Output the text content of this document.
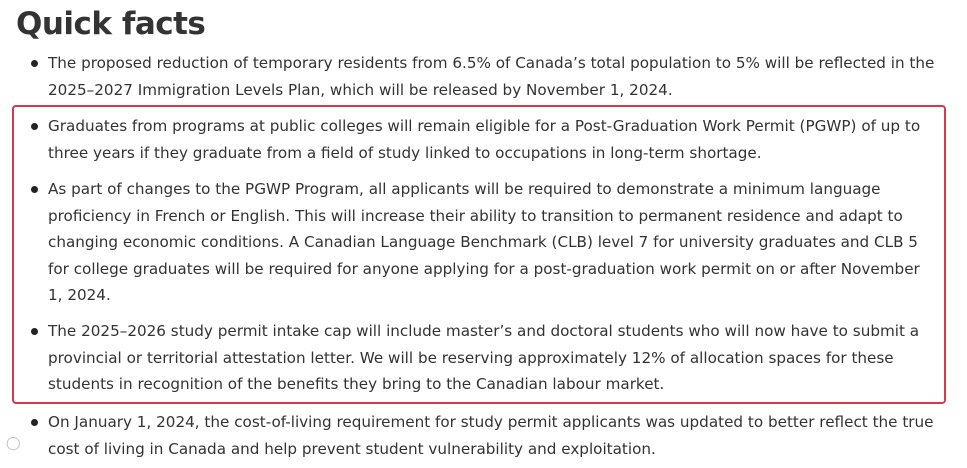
Quick facts
The proposed reduction of temporary residents from 6.5% of Canada’s total population to 5% will be reflected in the 2025–2027 Immigration Levels Plan, which will be released by November 1, 2024.
Graduates from programs at public colleges will remain eligible for a Post-Graduation Work Permit (PGWP) of up to three years if they graduate from a field of study linked to occupations in long-term shortage.
As part of changes to the PGWP Program, all applicants will be required to demonstrate a minimum language proficiency in French or English. This will increase their ability to transition to permanent residence and adapt to changing economic conditions. A Canadian Language Benchmark (CLB) level 7 for university graduates and CLB 5 for college graduates will be required for anyone applying for a post-graduation work permit on or after November 1, 2024.
The 2025–2026 study permit intake cap will include master’s and doctoral students who will now have to submit a provincial or territorial attestation letter. We will be reserving approximately 12% of allocation spaces for these students in recognition of the benefits they bring to the Canadian labour market.
On January 1, 2024, the cost-of-living requirement for study permit applicants was updated to better reflect the true cost of living in Canada and help prevent student vulnerability and exploitation.
◯
